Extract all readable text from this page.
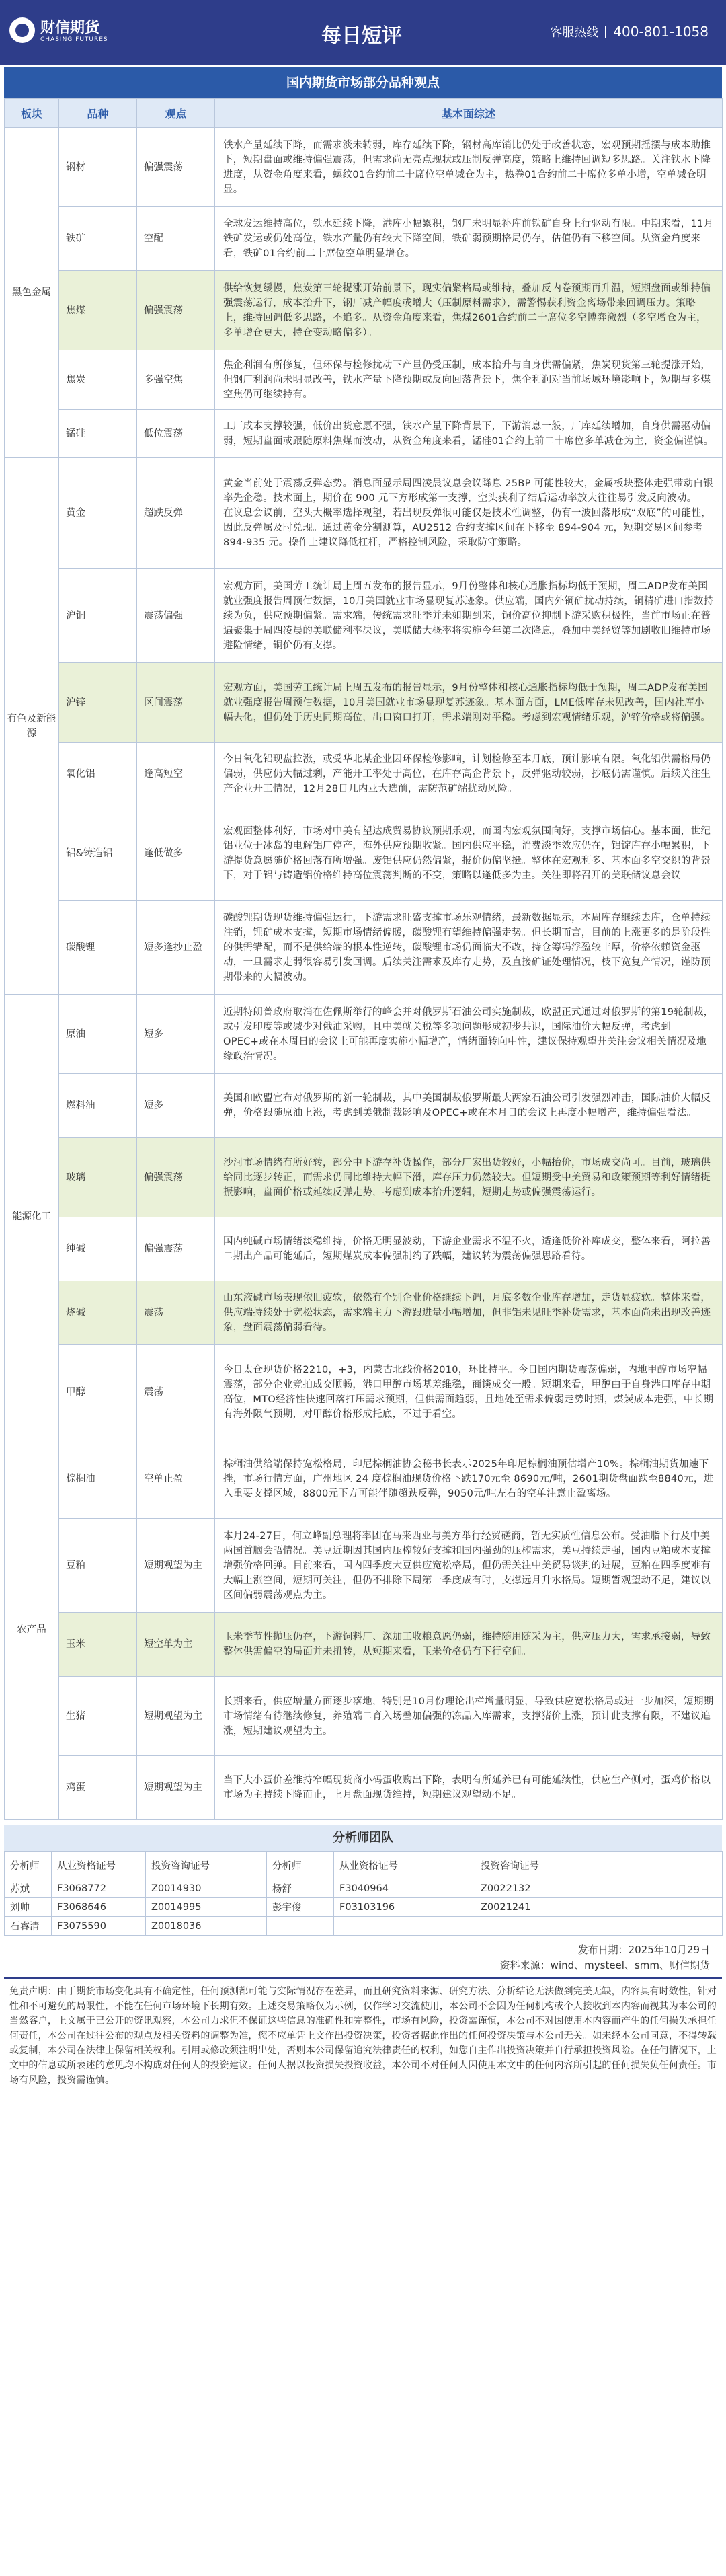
财信期货
CHASING FUTURES	每日短评	客服热线 400-801-1058
国内期货市场部分品种观点
板块	品种	观点	基本面综述
黑色金属	钢材	偏强震荡	铁水产量延续下降，而需求淡未转弱，库存延续下降，钢材高库销比仍处于改善状态，宏观预期摇摆与成本助推下，短期盘面或维持偏强震荡，但需求尚无亮点现状或压制反弹高度，策略上维持回调短多思路。关注铁水下降进度，从资金角度来看，螺纹01合约前二十席位空单减仓为主，热卷01合约前二十席位多单小增，空单减仓明显。
	铁矿	空配	全球发运维持高位，铁水延续下降，港库小幅累积，钢厂未明显补库前铁矿自身上行驱动有限。中期来看，11月铁矿发运或仍处高位，铁水产量仍有较大下降空间，铁矿弱预期格局仍存，估值仍有下移空间。从资金角度来看，铁矿01合约前二十席位空单明显增仓。
	焦煤	偏强震荡	供给恢复缓慢，焦炭第三轮提涨开始前景下，现实偏紧格局或维持，叠加反内卷预期再升温，短期盘面或维持偏强震荡运行，成本抬升下，钢厂减产幅度或增大（压制原料需求），需警惕获利资金离场带来回调压力。策略上，维持回调低多思路，不追多。从资金角度来看，焦煤2601合约前二十席位多空博弈激烈（多空增仓为主，多单增仓更大，持仓变动略偏多）。
	焦炭	多强空焦	焦企利润有所修复，但环保与检修扰动下产量仍受压制，成本抬升与自身供需偏紧，焦炭现货第三轮提涨开始，但钢厂利润尚未明显改善，铁水产量下降预期或反向回落背景下，焦企利润对当前场域环境影响下，短期与多煤空焦仍可继续持有。
	锰硅	低位震荡	工厂成本支撑较强，低价出货意愿不强，铁水产量下降背景下，下游消息一般，厂库延续增加，自身供需驱动偏弱，短期盘面或跟随原料焦煤而波动，从资金角度来看，锰硅01合约上前二十席位多单减仓为主，资金偏谨慎。
有色及新能源	黄金	超跌反弹	黄金当前处于震荡反弹态势。消息面显示周四凌晨议息会议降息 25BP 可能性较大，金属板块整体走强带动白银率先企稳。技术面上，期价在 900 元下方形成第一支撑，空头获利了结后运动率放大往往易引发反向波动。
在议息会议前，空头大概率选择观望，若出现反弹很可能仅是技术性调整，仍有一波回落形成“双底”的可能性，因此反弹属及时兑现。通过黄金分割测算，AU2512 合约支撑区间在下移至 894-904 元，短期交易区间参考 894-935 元。操作上建议降低杠杆，严格控制风险，采取防守策略。
	沪铜	震荡偏强	宏观方面，美国劳工统计局上周五发布的报告显示，9月份整体和核心通胀指标均低于预期，周二ADP发布美国就业强度报告周预估数据，10月美国就业市场显现复苏迹象。供应端，国内外铜矿扰动持续，铜精矿进口指数持续为负，供应预期偏紧。需求端，传统需求旺季并未如期到来，铜价高位抑制下游采购积极性，当前市场正在普遍聚集于周四凌晨的美联储利率决议，美联储大概率将实施今年第二次降息，叠加中美经贸等加剧收旧维持市场避险情绪，铜价仍有支撑。
	沪锌	区间震荡	宏观方面，美国劳工统计局上周五发布的报告显示，9月份整体和核心通胀指标均低于预期，周二ADP发布美国就业强度报告周预估数据，10月美国就业市场显现复苏迹象。基本面方面，LME低库存未见改善，国内社库小幅去化，但仍处于历史同期高位，出口窗口打开，需求端刚对平稳。考虑到宏观情绪乐观，沪锌价格或将偏强。
	氧化铝	逢高短空	今日氧化铝现盘拉涨，或受华北某企业因环保检修影响，计划检修至本月底，预计影响有限。氧化铝供需格局仍偏弱，供应仍大幅过剩，产能开工率处于高位，在库存高企背景下，反弹驱动较弱，抄底仍需谨慎。后续关注生产企业开工情况，12月28日几内亚大选前，需防范矿端扰动风险。
	铝&铸造铝	逢低做多	宏观面整体利好，市场对中美有望达成贸易协议预期乐观，而国内宏观氛围向好，支撑市场信心。基本面，世纪铝业位于冰岛的电解铝厂停产，海外供应预期收紧。国内供应平稳，消费淡季效应仍在，铝锭库存小幅累积，下游提货意愿随价格回落有所增强。废铝供应仍然偏紧，报价仍偏坚挺。整体在宏观利多、基本面多空交织的背景下，对于铝与铸造铝价格维持高位震荡判断的不变，策略以逢低多为主。关注即将召开的美联储议息会议
	碳酸锂	短多逢抄止盈	碳酸锂期货现货维持偏强运行，下游需求旺盛支撑市场乐观情绪，最新数据显示，本周库存继续去库，仓单持续注销，锂矿成本支撑，短期市场情绪偏暖，碳酸锂有望维持偏强走势。但长期而言，目前的上涨更多的是阶段性的供需错配，而不是供给端的根本性逆转，碳酸锂市场仍面临大不改，持仓筹码浮盈较丰厚，价格依赖资金驱动，一旦需求走弱很容易引发回调。后续关注需求及库存走势，及直接矿证处理情况，枝下宽复产情况，谨防预期带来的大幅波动。
能源化工	原油	短多	近期特朗普政府取消在佐佩斯举行的峰会并对俄罗斯石油公司实施制裁，欧盟正式通过对俄罗斯的第19轮制裁，或引发印度等或减少对俄油采购，且中美就关税等多项问题形成初步共识，国际油价大幅反弹，考虑到OPEC+或在本周日的会议上可能再度实施小幅增产，情绪面转向中性，建议保持观望并关注会议相关情况及地缘政治情况。
	燃料油	短多	美国和欧盟宣布对俄罗斯的新一轮制裁，其中美国制裁俄罗斯最大两家石油公司引发强烈冲击，国际油价大幅反弹，价格跟随原油上涨，考虑到美俄制裁影响及OPEC+或在本月日的会议上再度小幅增产，维持偏强看法。
	玻璃	偏强震荡	沙河市场情绪有所好转，部分中下游存补货操作，部分厂家出货较好，小幅抬价，市场成交尚可。目前，玻璃供给同比逐步转正，而需求仍同比维持大幅下滑，库存压力仍然较大。但短期受中美贸易和政策预期等利好情绪提振影响，盘面价格或延续反弹走势，考虑到成本抬升逻辑，短期走势或偏强震荡运行。
	纯碱	偏强震荡	国内纯碱市场情绪淡稳维持，价格无明显波动，下游企业需求不温不火，适逢低价补库成交，整体来看，阿拉善二期出产品可能延后，短期煤炭成本偏强制约了跌幅，建议转为震荡偏强思路看待。
	烧碱	震荡	山东液碱市场表现依旧疲软，依然有个别企业价格继续下调，月底多数企业库存增加，走货显疲软。整体来看，供应端持续处于宽松状态，需求端主力下游跟进量小幅增加，但非铝未见旺季补货需求，基本面尚未出现改善迹象，盘面震荡偏弱看待。
	甲醇	震荡	今日太仓现货价格2210，+3，内蒙古北线价格2010，环比持平。今日国内期货震荡偏弱，内地甲醇市场窄幅震荡，部分企业竞拍成交顺畅，港口甲醇市场基差维稳，商谈成交一般。短期来看，甲醇由于自身港口库存中期高位，MTO经济性快速回落打压需求预期，但供需面趋弱，且地处至需求偏弱走势时期，煤炭成本走强，中长期有海外限气预期，对甲醇价格形成托底，不过于看空。
农产品	棕榈油	空单止盈	棕榈油供给端保持宽松格局，印尼棕榈油协会秘书长表示2025年印尼棕榈油预估增产10%。棕榈油期货加速下挫，市场行情方面，广州地区 24 度棕榈油现货价格下跌170元至 8690元/吨，2601期货盘面跌至8840元，进入重要支撑区域，8800元下方可能伴随超跌反弹，9050元/吨左右的空单注意止盈离场。
	豆粕	短期观望为主	本月24-27日，何立峰副总理将率团在马来西亚与美方举行经贸磋商，暂无实质性信息公布。受油脂下行及中美两国首脑会晤情况。美豆近期因其国内压榨较好支撑和国内强劲的压榨需求，美豆持续走强，国内豆粕成本支撑增强价格回弹。目前来看，国内四季度大豆供应宽松格局，但仍需关注中美贸易谈判的进展，豆粕在四季度难有大幅上涨空间，短期可关注，但仍不排除下周第一季度成有时，支撑远月升水格局。短期暂观望动不足，建议以区间偏弱震荡观点为主。
	玉米	短空单为主	玉米季节性抛压仍存，下游饲料厂、深加工收粮意愿仍弱，维持随用随采为主，供应压力大，需求承接弱，导致整体供需偏空的局面并未扭转，从短期来看，玉米价格仍有下行空间。
	生猪	短期观望为主	长期来看，供应增量方面逐步落地，特别是10月份理论出栏增量明显，导致供应宽松格局或进一步加深，短期期市场情绪有待继续修复，养殖端二育入场叠加偏强的冻品入库需求，支撑猪价上涨，预计此支撑有限，不建议追涨，短期建议观望为主。
	鸡蛋	短期观望为主	当下大小蛋价差维持窄幅现货商小码蛋收购出下降，表明有所延养已有可能延续性，供应生产侧对，蛋鸡价格以市场为主持续下降而止，上月盘面现货维持，短期建议观望动不足。
分析师团队
分析师	从业资格证号	投资咨询证号	分析师	从业资格证号	投资咨询证号
苏斌	F3068772	Z0014930	杨舒	F3040964	Z0022132
刘帅	F3068646	Z0014995	彭宇俊	F03103196	Z0021241
石睿清	F3075590	Z0018036			
发布日期：2025年10月29日
资料来源：wind、mysteel、smm、财信期货
免责声明：由于期货市场变化具有不确定性，任何预测都可能与实际情况存在差异，而且研究资料来源、研究方法、分析结论无法做到完美无缺，内容具有时效性，针对性和不可避免的局限性，不能在任何市场环境下长期有效。上述交易策略仅为示例，仅作学习交流使用，本公司不会因为任何机构或个人接收到本内容而视其为本公司的当然客户，上文属于已公开的资讯观察，本公司力求但不保证这些信息的准确性和完整性，市场有风险，投资需谨慎，本公司不对因使用本内容而产生的任何损失承担任何责任，本公司在过往公布的观点及相关资料的调整为准，您不应单凭上文作出投资决策，投资者据此作出的任何投资决策与本公司无关。如未经本公司同意，不得转载或复制，本公司在法律上保留相关权利。引用或修改须注明出处，否则本公司保留追究法律责任的权利，如您自主作出投资决策并自行承担投资风险。在任何情况下，上文中的信息或所表述的意见均不构成对任何人的投资建议。任何人据以投资损失投资收益，本公司不对任何人因使用本文中的任何内容所引起的任何损失负任何责任。市场有风险，投资需谨慎。
